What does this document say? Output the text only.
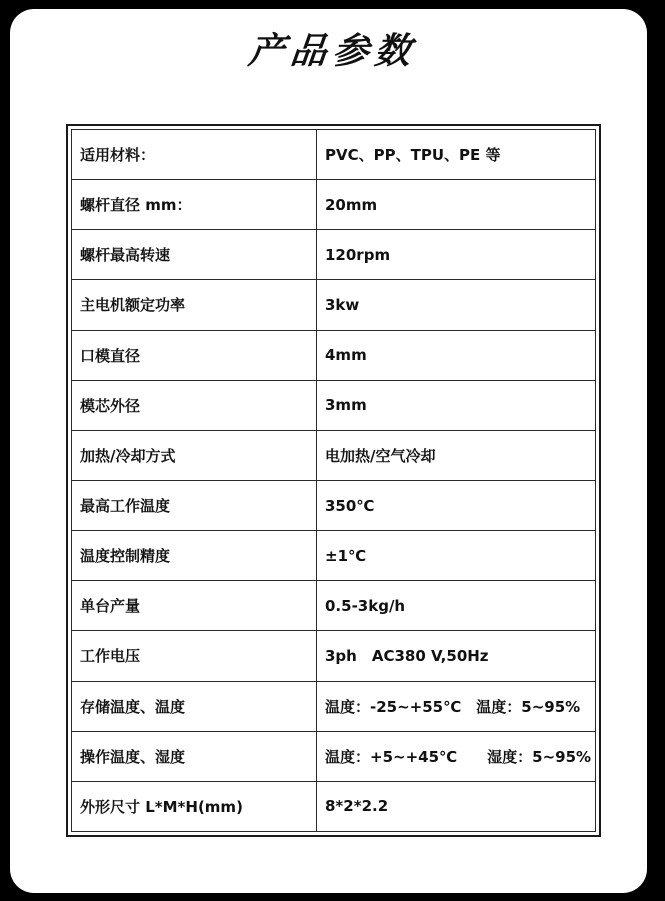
产品参数
适用材料：	PVC、PP、TPU、PE 等
螺杆直径 mm：	20mm
螺杆最高转速	120rpm
主电机额定功率	3kw
口模直径	4mm
模芯外径	3mm
加热/冷却方式	电加热/空气冷却
最高工作温度	350℃
温度控制精度	±1℃
单台产量	0.5-3kg/h
工作电压	3ph　AC380 V,50Hz
存储温度、温度	温度：-25~+55℃　温度：5~95%
操作温度、湿度	温度：+5~+45℃　　湿度：5~95%
外形尺寸 L*M*H(mm)	8*2*2.2
